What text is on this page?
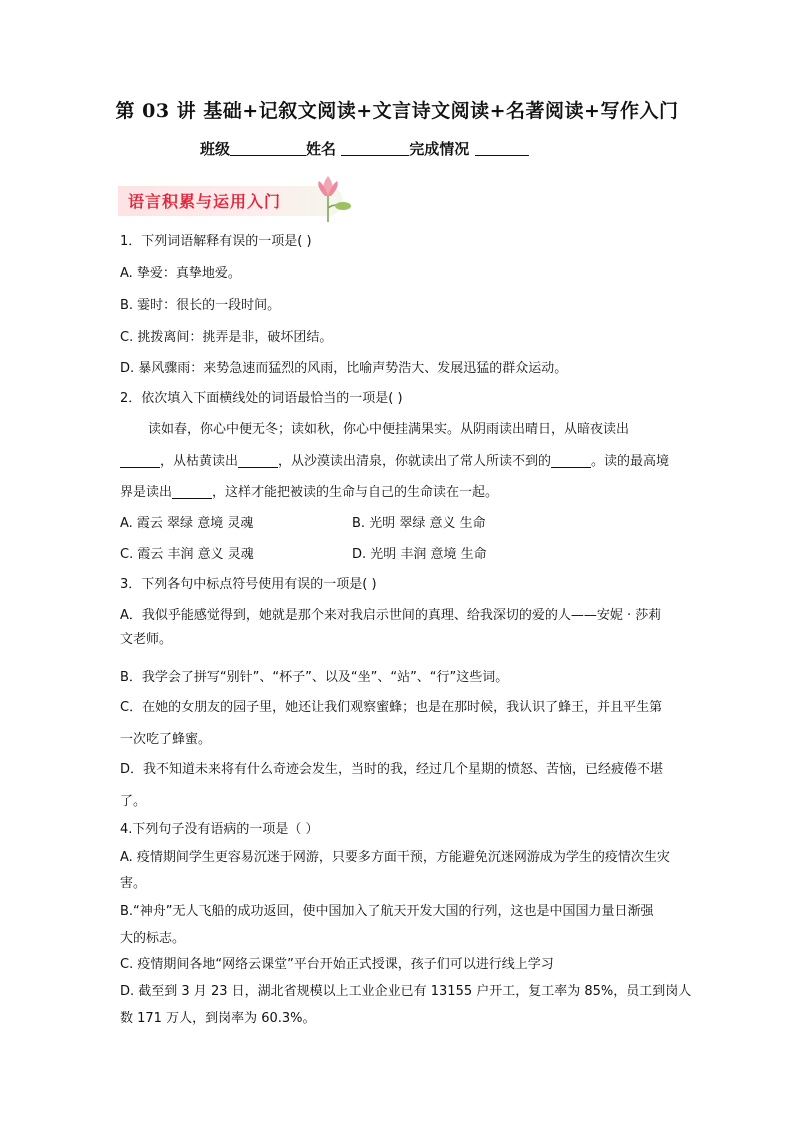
第 03 讲 基础+记叙文阅读+文言诗文阅读+名著阅读+写作入门
班级	姓名	完成情况
语言积累与运用入门
1．下列词语解释有误的一项是( )
A. 挚爱：真挚地爱。
B. 霎时：很长的一段时间。
C. 挑拨离间：挑弄是非，破坏团结。
D. 暴风骤雨：来势急速而猛烈的风雨，比喻声势浩大、发展迅猛的群众运动。
2．依次填入下面横线处的词语最恰当的一项是( )
读如春，你心中便无冬；读如秋，你心中便挂满果实。从阴雨读出晴日，从暗夜读出
，从枯黄读出	，从沙漠读出清泉，你就读出了常人所读不到的	。读的最高境
界是读出	，这样才能把被读的生命与自己的生命读在一起。
A. 霞云 翠绿 意境 灵魂	B. 光明 翠绿 意义 生命
C. 霞云 丰润 意义 灵魂	D. 光明 丰润 意境 生命
3．下列各句中标点符号使用有误的一项是( )
A．我似乎能感觉得到，她就是那个来对我启示世间的真理、给我深切的爱的人——安妮 · 莎莉
文老师。
B．我学会了拼写“别针”、“杯子”、以及“坐”、“站”、“行”这些词。
C．在她的女朋友的园子里，她还让我们观察蜜蜂；也是在那时候，我认识了蜂王，并且平生第
一次吃了蜂蜜。
D．我不知道未来将有什么奇迹会发生，当时的我，经过几个星期的愤怒、苦恼，已经疲倦不堪
了。
4.下列句子没有语病的一项是（ ）
A. 疫情期间学生更容易沉迷于网游，只要多方面干预，方能避免沉迷网游成为学生的疫情次生灾
害。
B.“神舟”无人飞船的成功返回，使中国加入了航天开发大国的行列，这也是中国国力量日渐强
大的标志。
C. 疫情期间各地“网络云课堂”平台开始正式授课，孩子们可以进行线上学习
D. 截至到 3 月 23 日，湖北省规模以上工业企业已有 13155 户开工，复工率为 85%，员工到岗人
数 171 万人，到岗率为 60.3%。
